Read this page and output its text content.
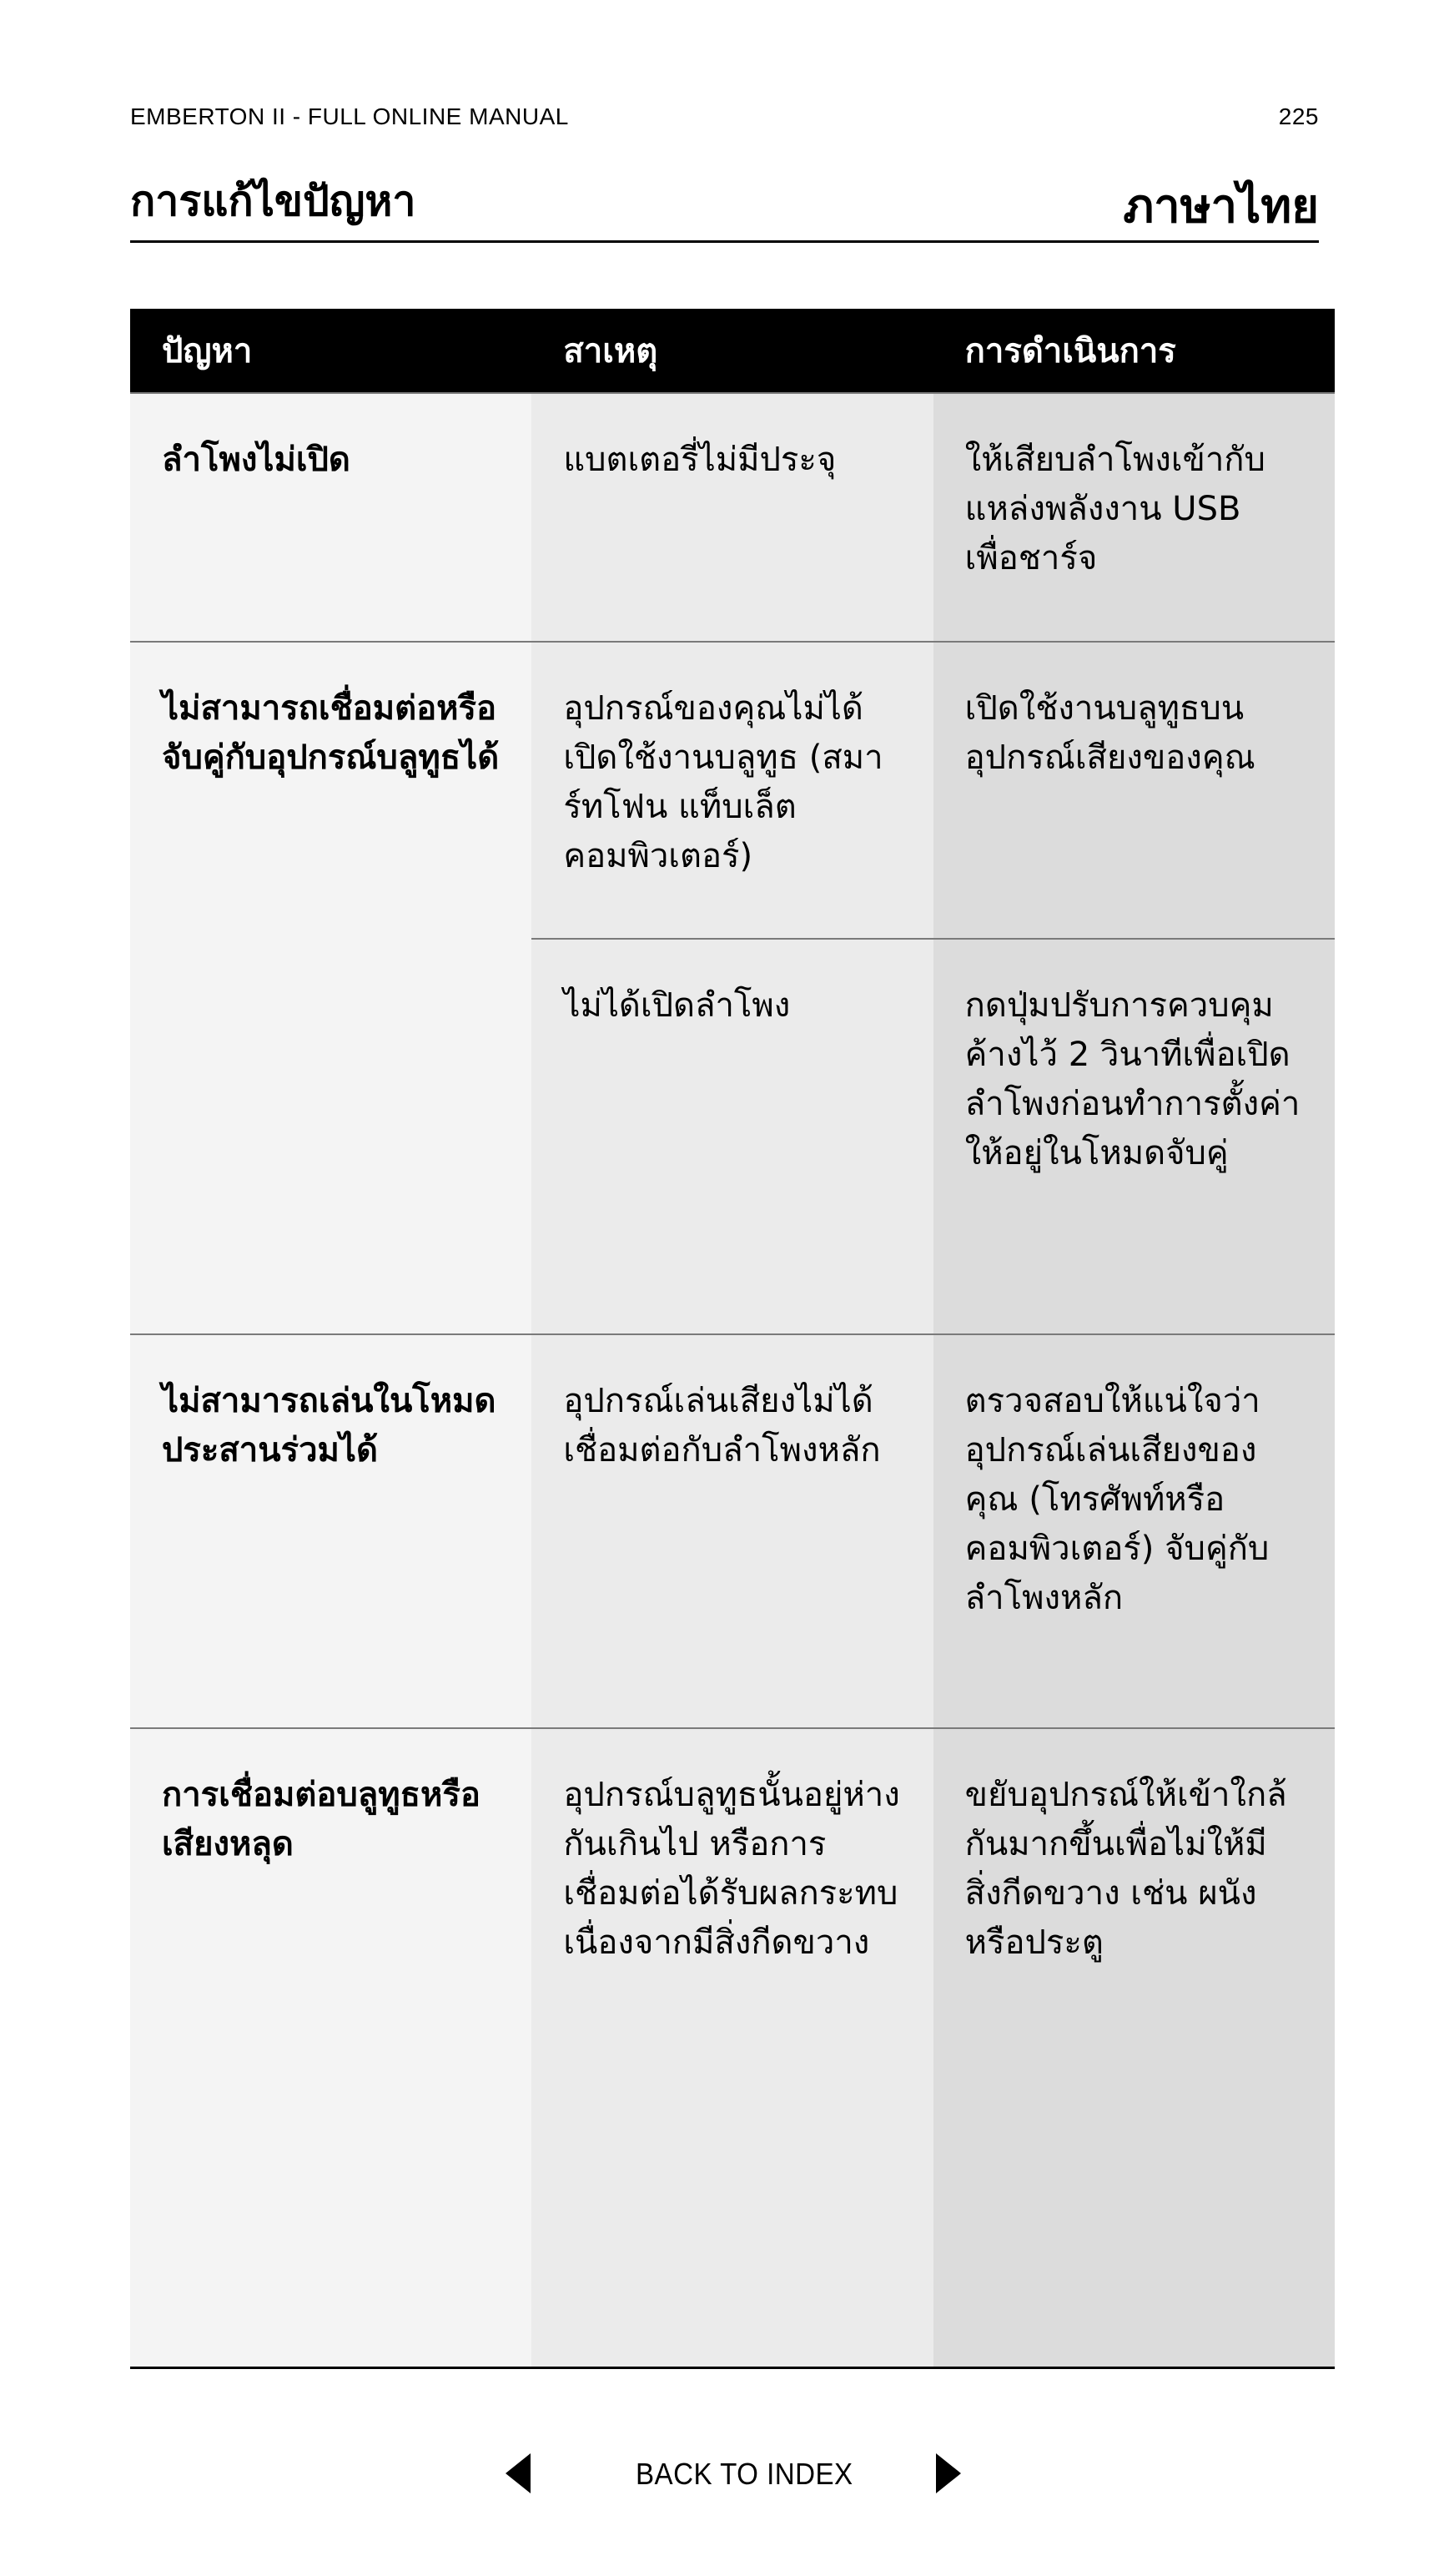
EMBERTON II - FULL ONLINE MANUAL	225
การแก้ไขปัญหา	ภาษาไทย
ปัญหา	สาเหตุ	การดำเนินการ
ลำโพงไม่เปิด	แบตเตอรี่ไม่มีประจุ	ให้เสียบลำโพงเข้ากับแหล่งพลังงาน USB เพื่อชาร์จ
ไม่สามารถเชื่อมต่อหรือจับคู่กับอุปกรณ์บลูทูธได้	อุปกรณ์ของคุณไม่ได้เปิดใช้งานบลูทูธ (สมาร์ทโฟน แท็บเล็ต คอมพิวเตอร์)	เปิดใช้งานบลูทูธบนอุปกรณ์เสียงของคุณ
	ไม่ได้เปิดลำโพง	กดปุ่มปรับการควบคุมค้างไว้ 2 วินาทีเพื่อเปิดลำโพงก่อนทำการตั้งค่าให้อยู่ในโหมดจับคู่
ไม่สามารถเล่นในโหมดประสานร่วมได้	อุปกรณ์เล่นเสียงไม่ได้เชื่อมต่อกับลำโพงหลัก	ตรวจสอบให้แน่ใจว่าอุปกรณ์เล่นเสียงของคุณ (โทรศัพท์หรือคอมพิวเตอร์) จับคู่กับลำโพงหลัก
การเชื่อมต่อบลูทูธหรือเสียงหลุด	อุปกรณ์บลูทูธนั้นอยู่ห่างกันเกินไป หรือการเชื่อมต่อได้รับผลกระทบเนื่องจากมีสิ่งกีดขวาง	ขยับอุปกรณ์ให้เข้าใกล้กันมากขึ้นเพื่อไม่ให้มีสิ่งกีดขวาง เช่น ผนังหรือประตู
BACK TO INDEX
